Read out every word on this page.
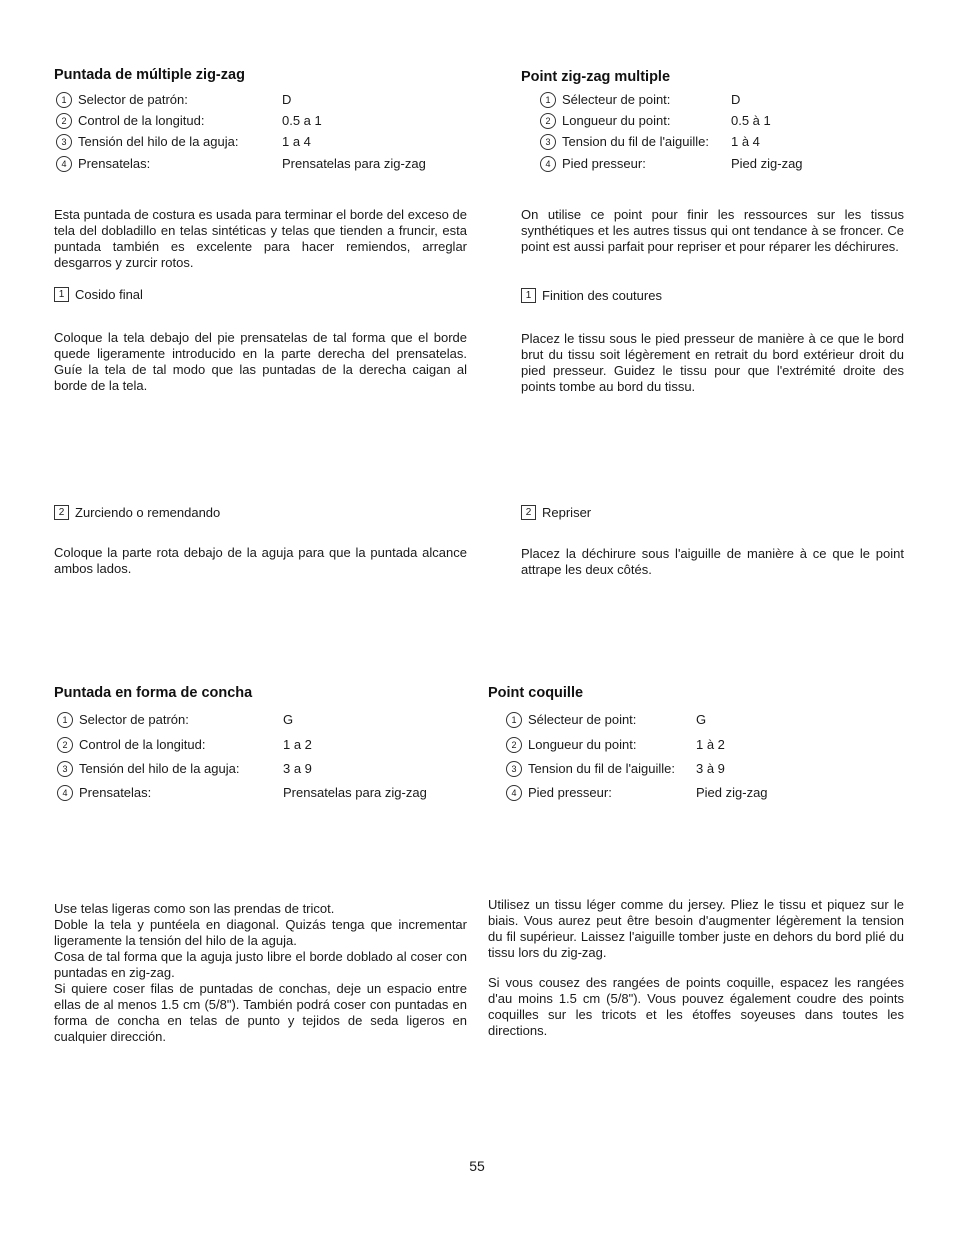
Puntada de múltiple zig-zag
1 Selector de patrón:	D
2 Control de la longitud:	0.5 a 1
3 Tensión del hilo de la aguja:	1 a 4
4 Prensatelas:	Prensatelas para zig-zag
Esta puntada de costura es usada para terminar el borde del exceso de tela del dobladillo en telas sintéticas y telas que tienden a fruncir, esta puntada también es excelente para hacer remiendos, arreglar desgarros y zurcir rotos.
1 Cosido final
Coloque la tela debajo del pie prensatelas de tal forma que el borde quede ligeramente introducido en la parte derecha del prensatelas. Guíe la tela de tal modo que las puntadas de la derecha caigan al borde de la tela.
2 Zurciendo o remendando
Coloque la parte rota debajo de la aguja para que la puntada alcance ambos lados.
Point zig-zag multiple
1 Sélecteur de point:	D
2 Longueur du point:	0.5 à 1
3 Tension du fil de l'aiguille: 1 à 4
4 Pied presseur:	Pied zig-zag
On utilise ce point pour finir les ressources sur les tissus synthétiques et les autres tissus qui ont tendance à se froncer. Ce point est aussi parfait pour repriser et pour réparer les déchirures.
1 Finition des coutures
Placez le tissu sous le pied presseur de manière à ce que le bord brut du tissu soit légèrement en retrait du bord extérieur droit du pied presseur. Guidez le tissu pour que l'extrémité droite des points tombe au bord du tissu.
2 Repriser
Placez la déchirure sous l'aiguille de manière à ce que le point attrape les deux côtés.
Puntada en forma de concha
1 Selector de patrón:	G
2 Control de la longitud:	1 a 2
3 Tensión del hilo de la aguja:	3 a 9
4 Prensatelas:	Prensatelas para zig-zag

Use telas ligeras como son las prendas de tricot.

Doble la tela y puntéela en diagonal. Quizás tenga que incrementar ligeramente la tensión del hilo de la aguja.

Cosa de tal forma que la aguja justo libre el borde doblado al coser con puntadas en zig-zag.

Si quiere coser filas de puntadas de conchas, deje un espacio entre ellas de al menos 1.5 cm (5/8"). También podrá coser con puntadas en forma de concha en telas de punto y tejidos de seda ligeros en cualquier dirección.

Point coquille
1 Sélecteur de point:	G
2 Longueur du point:	1 à 2
3 Tension du fil de l'aiguille: 3 à 9
4 Pied presseur:	Pied zig-zag
Utilisez un tissu léger comme du jersey. Pliez le tissu et piquez sur le biais. Vous aurez peut être besoin d'augmenter légèrement la tension du fil supérieur. Laissez l'aiguille tomber juste en dehors du bord plié du tissu lors du zig-zag.
Si vous cousez des rangées de points coquille, espacez les rangées d'au moins 1.5 cm (5/8"). Vous pouvez également coudre des points coquilles sur les tricots et les étoffes soyeuses dans toutes les directions.
55
